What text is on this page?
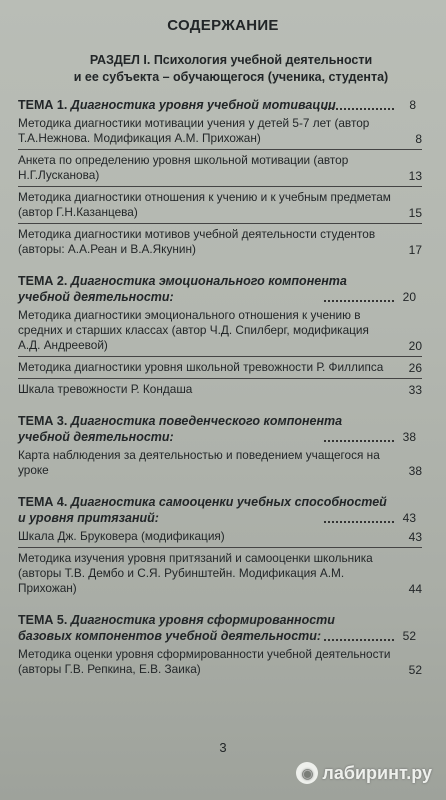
СОДЕРЖАНИЕ
РАЗДЕЛ I. Психология учебной деятельности
и ее субъекта – обучающегося (ученика, студента)
ТЕМА 1. Диагностика уровня учебной мотивации	8
Методика диагностики мотивации учения у детей 5-7 лет (автор Т.А.Нежнова. Модификация А.М. Прихожан)	8
Анкета по определению уровня школьной мотивации (автор Н.Г.Лусканова)	13
Методика диагностики отношения к учению и к учебным предметам (автор Г.Н.Казанцева)	15
Методика диагностики мотивов учебной деятельности студентов (авторы: А.А.Реан и В.А.Якунин)	17
ТЕМА 2. Диагностика эмоционального компонента учебной деятельности:	20
Методика диагностики эмоционального отношения к учению в средних и старших классах (автор Ч.Д. Спилберг, модификация А.Д. Андреевой)	20
Методика диагностики уровня школьной тревожности Р. Филлипса 26
Шкала тревожности Р. Кондаша	33
ТЕМА 3. Диагностика поведенческого компонента учебной деятельности:	38
Карта наблюдения за деятельностью и поведением учащегося на уроке	38
ТЕМА 4. Диагностика самооценки учебных способностей и уровня притязаний:	43
Шкала Дж. Бруковера (модификация)	43
Методика изучения уровня притязаний и самооценки школьника (авторы Т.В. Дембо и С.Я. Рубинштейн. Модификация А.М. Прихожан)	44
ТЕМА 5. Диагностика уровня сформированности базовых компонентов учебной деятельности:	52
Методика оценки уровня сформированности учебной деятельности (авторы Г.В. Репкина, Е.В. Заика)	52
3
◉ лабиринт.ру
